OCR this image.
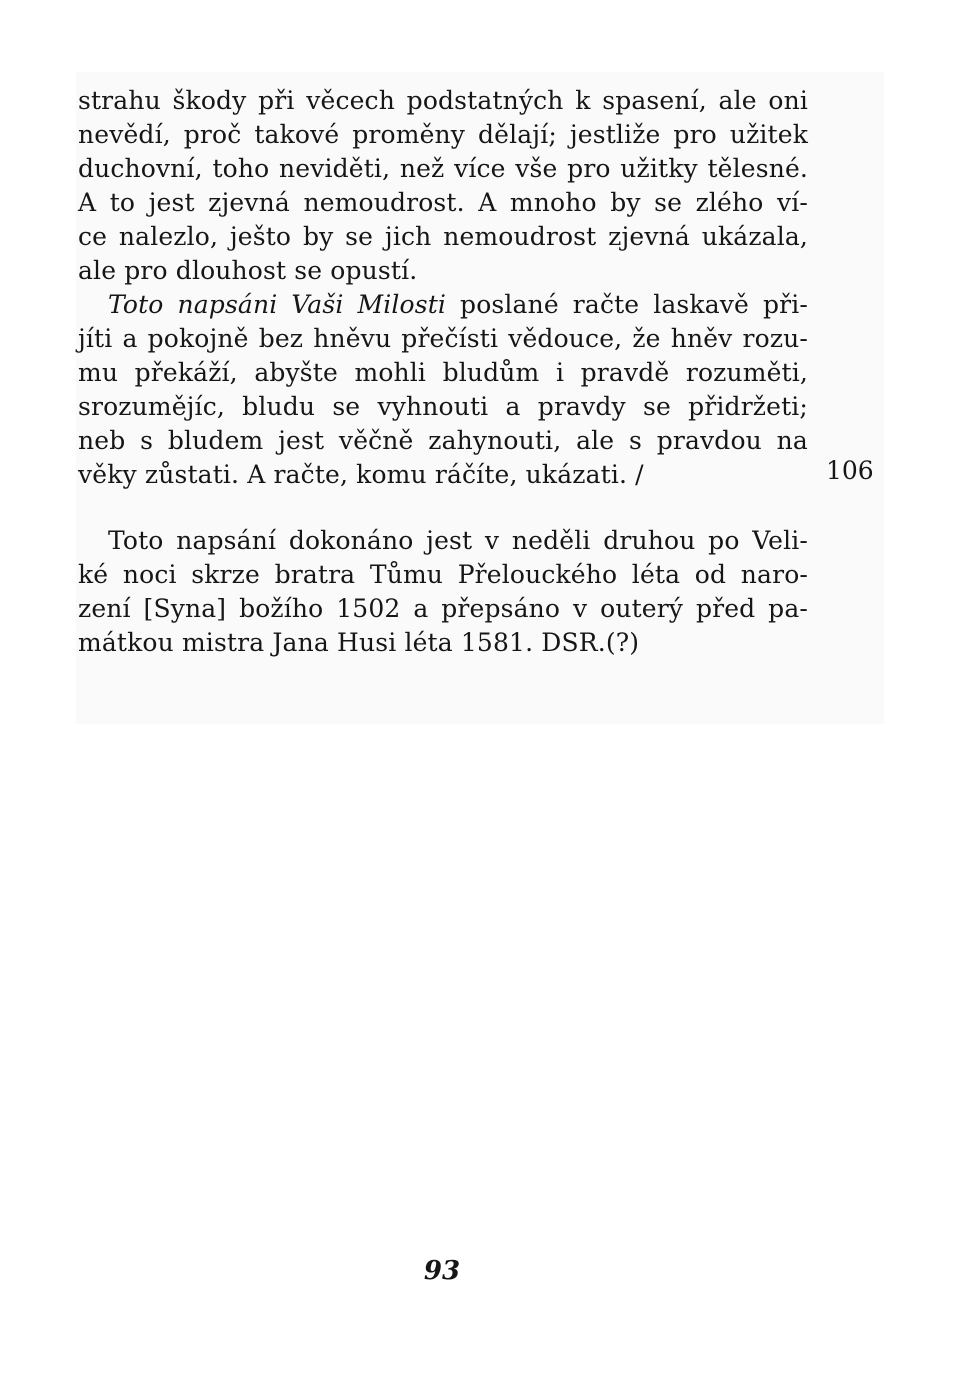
strahu škody při věcech podstatných k spasení, ale oni
nevědí, proč takové proměny dělají; jestliže pro užitek
duchovní, toho neviděti, než více vše pro užitky tělesné.
A to jest zjevná nemoudrost. A mnoho by se zlého ví-
ce nalezlo, ješto by se jich nemoudrost zjevná ukázala,
ale pro dlouhost se opustí.
Toto napsáni Vaši Milosti poslané račte laskavě při-
jíti a pokojně bez hněvu přečísti vědouce, že hněv rozu-
mu překáží, abyšte mohli bludům i pravdě rozuměti,
srozumějíc, bludu se vyhnouti a pravdy se přidržeti;
neb s bludem jest věčně zahynouti, ale s pravdou na
věky zůstati. A račte, komu ráčíte, ukázati. /	106
Toto napsání dokonáno jest v neděli druhou po Veli-
ké noci skrze bratra Tůmu Přelouckého léta od naro-
zení [Syna] božího 1502 a přepsáno v outerý před pa-
mátkou mistra Jana Husi léta 1581. DSR.(?)
93
